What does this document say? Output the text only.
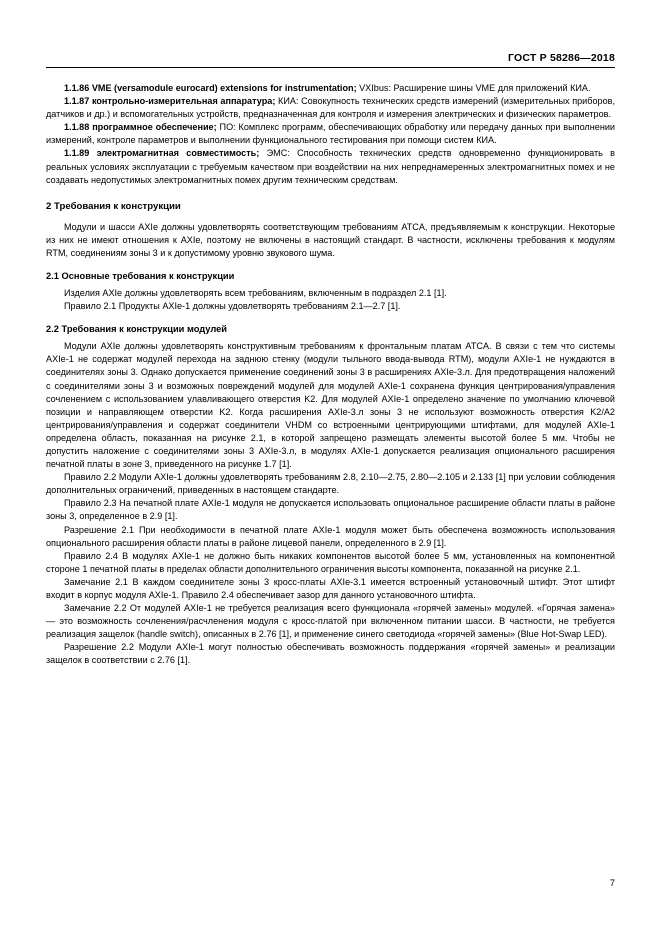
ГОСТ Р 58286—2018

1.1.86 VME (versamodule eurocard) extensions for instrumentation; VXIbus: Расширение шины VME для приложений КИА.

1.1.87 контрольно-измерительная аппаратура; КИА: Совокупность технических средств измерений (измерительных приборов, датчиков и др.) и вспомогательных устройств, предназначенная для контроля и измерения электрических и физических параметров.

1.1.88 программное обеспечение; ПО: Комплекс программ, обеспечивающих обработку или передачу данных при выполнении измерений, контроле параметров и выполнении функционального тестирования при помощи систем КИА.

1.1.89 электромагнитная совместимость; ЭМС: Способность технических средств одновременно функционировать в реальных условиях эксплуатации с требуемым качеством при воздействии на них непреднамеренных электромагнитных помех и не создавать недопустимых электромагнитных помех другим техническим средствам.

2 Требования к конструкции

Модули и шасси AXIe должны удовлетворять соответствующим требованиям ATCA, предъявляемым к конструкции. Некоторые из них не имеют отношения к AXIe, поэтому не включены в настоящий стандарт. В частности, исключены требования к модулям RTM, соединениям зоны 3 и к допустимому уровню звукового шума.

2.1 Основные требования к конструкции

Изделия AXIe должны удовлетворять всем требованиям, включенным в подраздел 2.1 [1].

Правило 2.1 Продукты AXIe-1 должны удовлетворять требованиям 2.1—2.7 [1].

2.2 Требования к конструкции модулей

Модули AXIe должны удовлетворять конструктивным требованиям к фронтальным платам ATCA. В связи с тем что системы AXIe-1 не содержат модулей перехода на заднюю стенку (модули тыльного ввода-вывода RTM), модули AXIe-1 не нуждаются в соединителях зоны 3. Однако допускается применение соединений зоны 3 в расширениях AXIe-3.л. Для предотвращения наложений с соединителями зоны 3 и возможных повреждений модулей для модулей AXIe-1 сохранена функция центрирования/управления сочленением с использованием улавливающего отверстия K2. Для модулей AXIe-1 определено значение по умолчанию ключевой позиции и направляющем отверстии K2. Когда расширения AXIe-3.л зоны 3 не используют возможность отверстия K2/A2 центрирования/управления и содержат соединители VHDM со встроенными центрирующими штифтами, для модулей AXIe-1 определена область, показанная на рисунке 2.1, в которой запрещено размещать элементы высотой более 5 мм. Чтобы не допустить наложение с соединителями зоны 3 AXIe-3.л, в модулях AXIe-1 допускается реализация опционального расширения печатной платы в зоне 3, приведенного на рисунке 1.7 [1].

Правило 2.2 Модули AXIe-1 должны удовлетворять требованиям 2.8, 2.10—2.75, 2.80—2.105 и 2.133 [1] при условии соблюдения дополнительных ограничений, приведенных в настоящем стандарте.

Правило 2.3 На печатной плате AXIe-1 модуля не допускается использовать опциональное расширение области платы в районе зоны 3, определенное в 2.9 [1].

Разрешение 2.1 При необходимости в печатной плате AXIe-1 модуля может быть обеспечена возможность использования опционального расширения области платы в районе лицевой панели, определенного в 2.9 [1].

Правило 2.4 В модулях AXIe-1 не должно быть никаких компонентов высотой более 5 мм, установленных на компонентной стороне 1 печатной платы в пределах области дополнительного ограничения высоты компонента, показанной на рисунке 2.1.

Замечание 2.1 В каждом соединителе зоны 3 кросс-платы AXIe-3.1 имеется встроенный установочный штифт. Этот штифт входит в корпус модуля AXIe-1. Правило 2.4 обеспечивает зазор для данного установочного штифта.

Замечание 2.2 От модулей AXIe-1 не требуется реализация всего функционала «горячей замены» модулей. «Горячая замена» — это возможность сочленения/расчленения модуля с кросс-платой при включенном питании шасси. В частности, не требуется реализация защелок (handle switch), описанных в 2.76 [1], и применение синего светодиода «горячей замены» (Blue Hot-Swap LED).

Разрешение 2.2 Модули AXIe-1 могут полностью обеспечивать возможность поддержания «горячей замены» и реализации защелок в соответствии с 2.76 [1].

7
